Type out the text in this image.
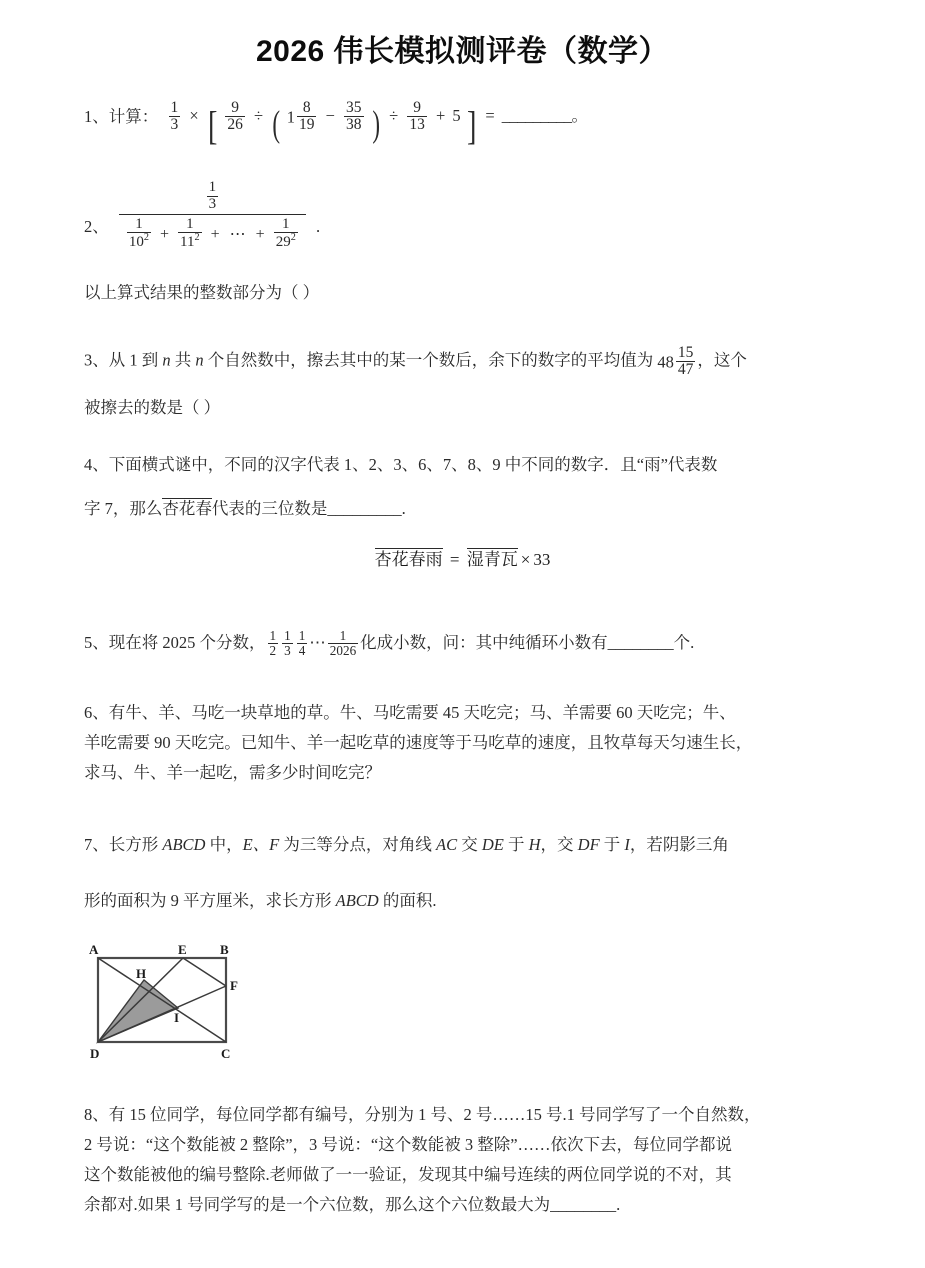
2026 伟长模拟测评卷（数学）
1、计算： $\frac{1}{3}$ × [ $\frac{9}{26}$ ÷ ( $1 \frac{8}{19} - \frac{35}{38}$ ) ÷ $\frac{9}{13} + 5$ ] = _________。
2、
$\frac{1}{3}$
$\frac{1}{10^2} + \frac{1}{11^2}$ + ⋯ + $\frac{1}{29^2}$ .
以上算式结果的整数部分为（ ）
3、从 1 到 n 共 n 个自然数中，擦去其中的某一个数后，余下的数字的平均值为 $48 \frac{15}{47}$ ，这个
被擦去的数是（ ）
4、下面横式谜中，不同的汉字代表 1、2、3、6、7、8、9 中不同的数字．且“雨”代表数
字 7，那么杏花春代表的三位数是_________.
杏花春雨 = 湿青瓦 × 33
5、现在将 2025 个分数， $\frac{1}{2} \frac{1}{3} \frac{1}{4}$ ⋯ $\frac{1}{2026}$ 化成小数，问：其中纯循环小数有________个.
6、有牛、羊、马吃一块草地的草。牛、马吃需要 45 天吃完；马、羊需要 60 天吃完；牛、
羊吃需要 90 天吃完。已知牛、羊一起吃草的速度等于马吃草的速度，且牧草每天匀速生长，
求马、牛、羊一起吃，需多少时间吃完？
7、长方形 ABCD 中，E、F 为三等分点，对角线 AC 交 DE 于 H，交 DF 于 I，若阴影三角
形的面积为 9 平方厘米，求长方形 ABCD 的面积.
A	B
C
D
E
F
H
I
8、有 15 位同学，每位同学都有编号，分别为 1 号、2 号……15 号.1 号同学写了一个自然数，
2 号说：“这个数能被 2 整除”，3 号说：“这个数能被 3 整除”……依次下去，每位同学都说
这个数能被他的编号整除.老师做了一一验证，发现其中编号连续的两位同学说的不对，其
余都对.如果 1 号同学写的是一个六位数，那么这个六位数最大为________.
